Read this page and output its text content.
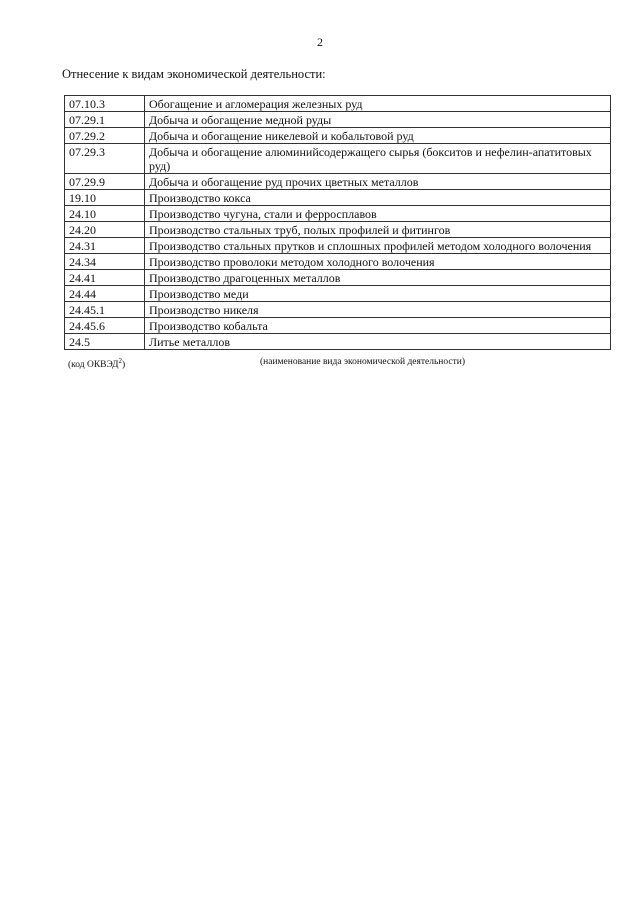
2
Отнесение к видам экономической деятельности:
07.10.3	Обогащение и агломерация железных руд
07.29.1	Добыча и обогащение медной руды
07.29.2	Добыча и обогащение никелевой и кобальтовой руд
07.29.3	Добыча и обогащение алюминийсодержащего сырья (бокситов и нефелин-апатитовых руд)
07.29.9	Добыча и обогащение руд прочих цветных металлов
19.10	Производство кокса
24.10	Производство чугуна, стали и ферросплавов
24.20	Производство стальных труб, полых профилей и фитингов
24.31	Производство стальных прутков и сплошных профилей методом холодного волочения
24.34	Производство проволоки методом холодного волочения
24.41	Производство драгоценных металлов
24.44	Производство меди
24.45.1	Производство никеля
24.45.6	Производство кобальта
24.5	Литье металлов
(код ОКВЭД$^2$)	(наименование вида экономической деятельности)
